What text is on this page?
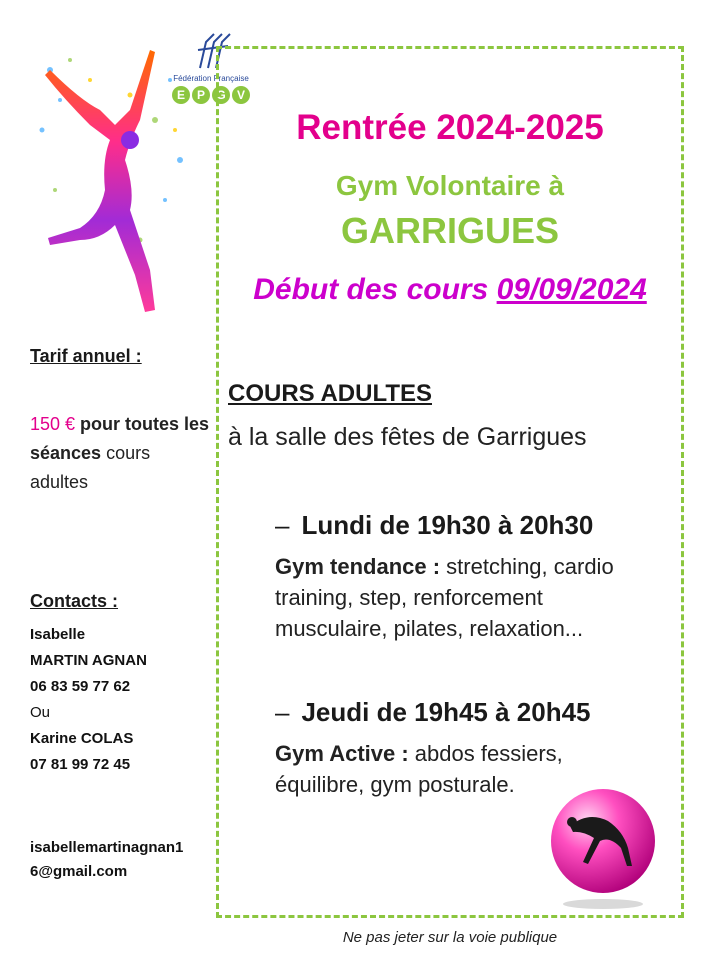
Fédération Française
E P G V
Rentrée 2024-2025
Gym Volontaire à
GARRIGUES
Début des cours 09/09/2024
COURS ADULTES
à la salle des fêtes de Garrigues
– Lundi de 19h30 à 20h30
Gym tendance : stretching, cardio
training, step, renforcement
musculaire, pilates, relaxation...
– Jeudi de 19h45 à 20h45
Gym Active : abdos fessiers,
équilibre, gym posturale.
Tarif annuel :
150 € pour toutes les séances cours adultes
Contacts :
Isabelle
MARTIN AGNAN
06 83 59 77 62
Ou
Karine COLAS
07 81 99 72 45
isabellemartinagnan1
6@gmail.com
Ne pas jeter sur la voie publique
